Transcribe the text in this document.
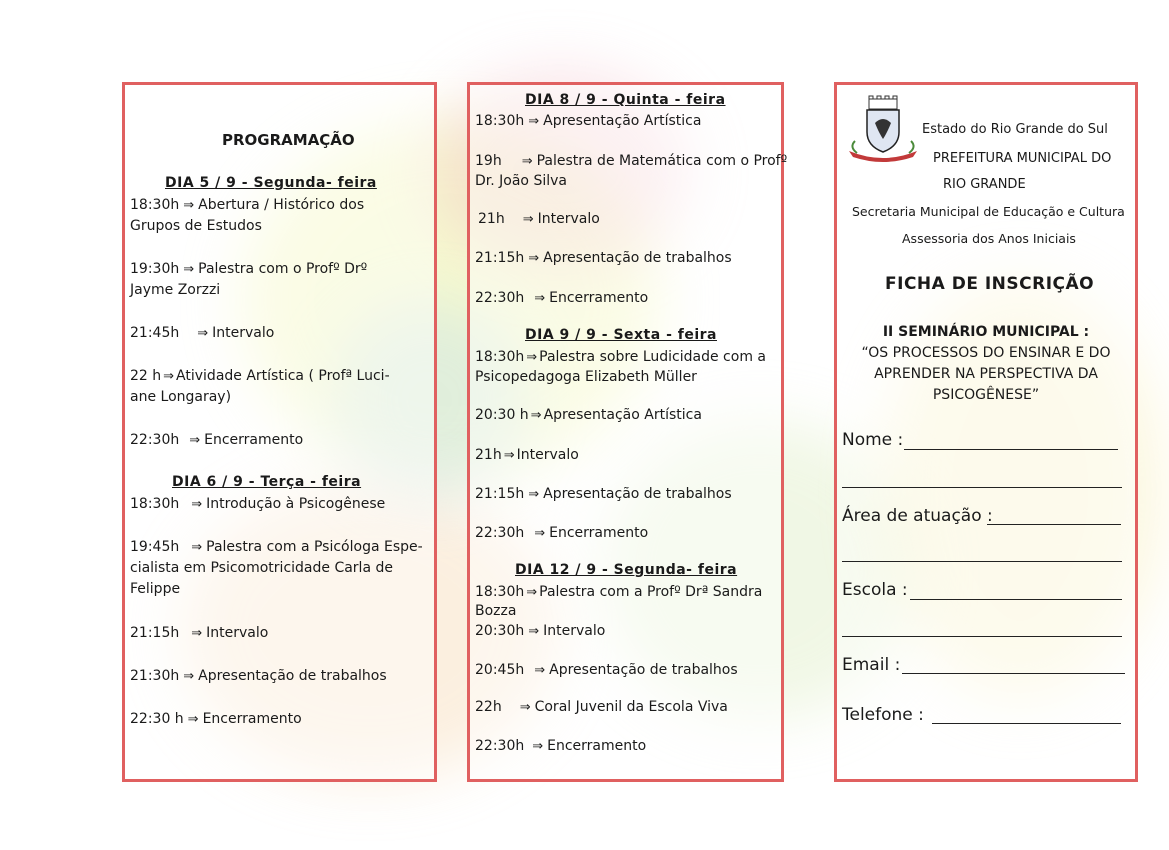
PROGRAMAÇÃO
DIA 5 / 9 - Segunda- feira
18:30h ⇒ Abertura / Histórico dos
Grupos de Estudos
19:30h ⇒ Palestra com o Profº Drº
Jayme Zorzzi
21:45h ⇒ Intervalo
22 h ⇒ Atividade Artística ( Profª Luci-
ane Longaray)
22:30h ⇒ Encerramento
DIA 6 / 9 - Terça - feira
18:30h ⇒ Introdução à Psicogênese
19:45h ⇒ Palestra com a Psicóloga Espe-
cialista em Psicomotricidade Carla de
Felippe
21:15h ⇒ Intervalo
21:30h ⇒ Apresentação de trabalhos
22:30 h ⇒ Encerramento
DIA 8 / 9 - Quinta - feira
18:30h ⇒ Apresentação Artística
19h ⇒ Palestra de Matemática com o Profº
Dr. João Silva
21h ⇒ Intervalo
21:15h ⇒ Apresentação de trabalhos
22:30h ⇒ Encerramento
DIA 9 / 9 - Sexta - feira
18:30h ⇒ Palestra sobre Ludicidade com a
Psicopedagoga Elizabeth Müller
20:30 h ⇒ Apresentação Artística
21h ⇒ Intervalo
21:15h ⇒ Apresentação de trabalhos
22:30h ⇒ Encerramento
DIA 12 / 9 - Segunda- feira
18:30h ⇒ Palestra com a Profº Drª Sandra
Bozza
20:30h ⇒ Intervalo
20:45h ⇒ Apresentação de trabalhos
22h ⇒ Coral Juvenil da Escola Viva
22:30h ⇒ Encerramento
Estado do Rio Grande do Sul
PREFEITURA MUNICIPAL DO
RIO GRANDE
Secretaria Municipal de Educação e Cultura
Assessoria dos Anos Iniciais
FICHA DE INSCRIÇÃO
II SEMINÁRIO MUNICIPAL :
“OS PROCESSOS DO ENSINAR E DO
APRENDER NA PERSPECTIVA DA
PSICOGÊNESE”
Nome :
Área de atuação :
Escola :
Email :
Telefone :
